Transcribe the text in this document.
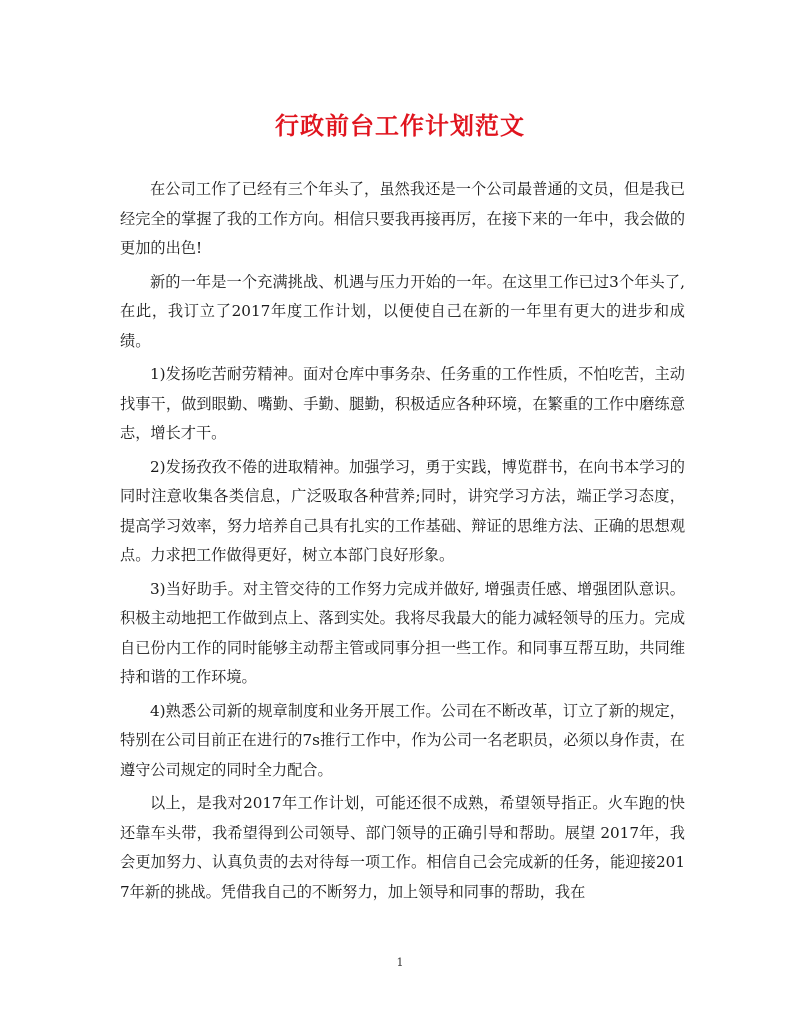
行政前台工作计划范文

在公司工作了已经有三个年头了，虽然我还是一个公司最普通的文员，但是我已经完全的掌握了我的工作方向。相信只要我再接再厉，在接下来的一年中，我会做的更加的出色!

新的一年是一个充满挑战、机遇与压力开始的一年。在这里工作已过3个年头了,在此，我订立了2017年度工作计划，以便使自己在新的一年里有更大的进步和成绩。

1)发扬吃苦耐劳精神。面对仓库中事务杂、任务重的工作性质，不怕吃苦，主动找事干，做到眼勤、嘴勤、手勤、腿勤，积极适应各种环境，在繁重的工作中磨练意志，增长才干。

2)发扬孜孜不倦的进取精神。加强学习，勇于实践，博览群书，在向书本学习的同时注意收集各类信息，广泛吸取各种营养;同时，讲究学习方法，端正学习态度，提高学习效率，努力培养自己具有扎实的工作基础、辩证的思维方法、正确的思想观点。力求把工作做得更好，树立本部门良好形象。

3)当好助手。对主管交待的工作努力完成并做好, 增强责任感、增强团队意识。积极主动地把工作做到点上、落到实处。我将尽我最大的能力减轻领导的压力。完成自已份内工作的同时能够主动帮主管或同事分担一些工作。和同事互帮互助，共同维持和谐的工作环境。

4)熟悉公司新的规章制度和业务开展工作。公司在不断改革，订立了新的规定，特别在公司目前正在进行的7s推行工作中，作为公司一名老职员，必须以身作责，在遵守公司规定的同时全力配合。

以上，是我对2017年工作计划，可能还很不成熟，希望领导指正。火车跑的快还靠车头带，我希望得到公司领导、部门领导的正确引导和帮助。展望 2017年，我会更加努力、认真负责的去对待每一项工作。相信自己会完成新的任务，能迎接2017年新的挑战。凭借我自己的不断努力，加上领导和同事的帮助，我在

1
